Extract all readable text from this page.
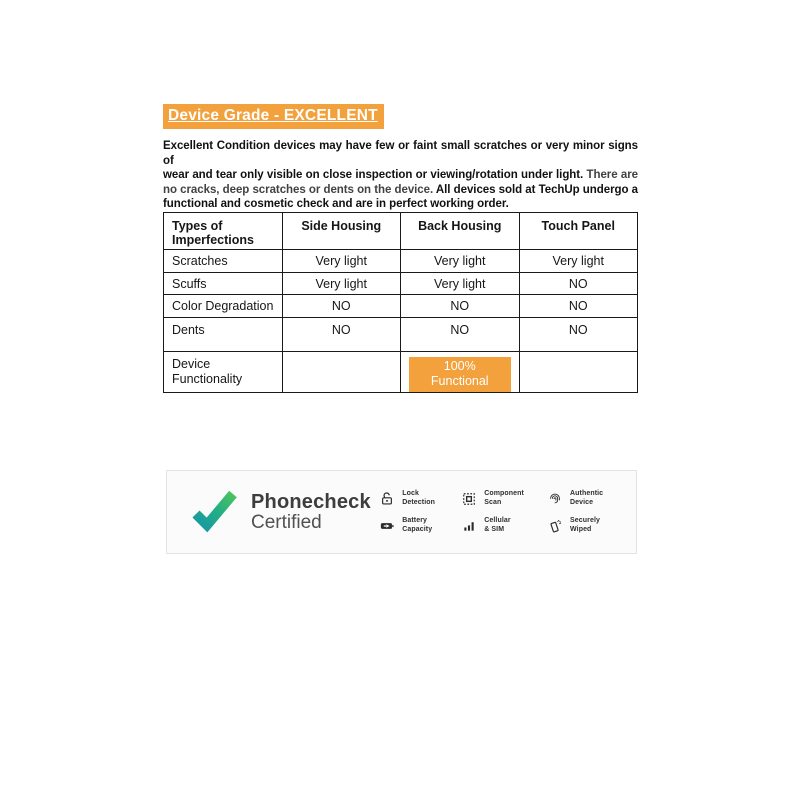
Device Grade - EXCELLENT
Excellent Condition devices may have few or faint small scratches or very minor signs of
wear and tear only visible on close inspection or viewing/rotation under light. There are
no cracks, deep scratches or dents on the device. All devices sold at TechUp undergo a
functional and cosmetic check and are in perfect working order.
Types of Imperfections	Side Housing	Back Housing	Touch Panel
Scratches	Very light	Very light	Very light
Scuffs	Very light	Very light	NO
Color Degradation	NO	NO	NO
Dents	NO	NO	NO
Device Functionality		100% Functional	
Phonecheck
Certified
Lock
Detection
Component
Scan
Authentic
Device
Battery
Capacity
Cellular
& SIM
Securely
Wiped
